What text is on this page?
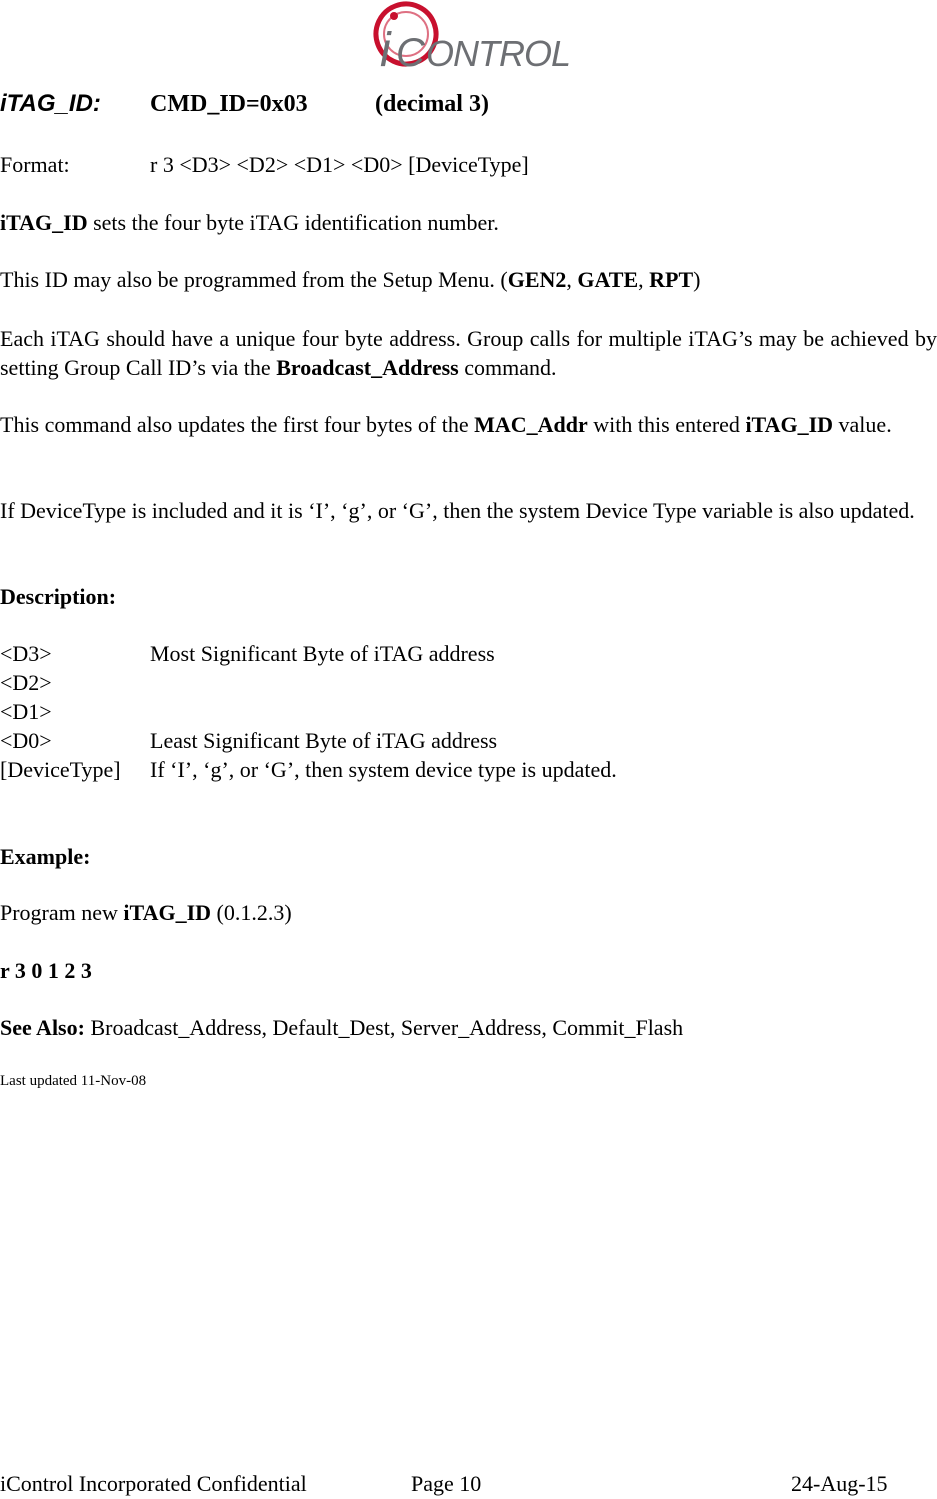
i C ONTROL
iTAG_ID: CMD_ID=0x03	(decimal 3)
Format:	r 3 <D3> <D2> <D1> <D0> [DeviceType]
iTAG_ID sets the four byte iTAG identification number.
This ID may also be programmed from the Setup Menu. (GEN2, GATE, RPT)
Each iTAG should have a unique four byte address. Group calls for multiple iTAG’s may be achieved by setting Group Call ID’s via the Broadcast_Address command.
This command also updates the first four bytes of the MAC_Addr with this entered iTAG_ID value.
If DeviceType is included and it is ‘I’, ‘g’, or ‘G’, then the system Device Type variable is also updated.
Description:
<D3>	Most Significant Byte of iTAG address
<D2>
<D1>
<D0>	Least Significant Byte of iTAG address
[DeviceType] If ‘I’, ‘g’, or ‘G’, then system device type is updated.
Example:
Program new iTAG_ID (0.1.2.3)
r 3 0 1 2 3
See Also: Broadcast_Address, Default_Dest, Server_Address, Commit_Flash
Last updated 11-Nov-08
iControl Incorporated Confidential	Page 10	24-Aug-15
